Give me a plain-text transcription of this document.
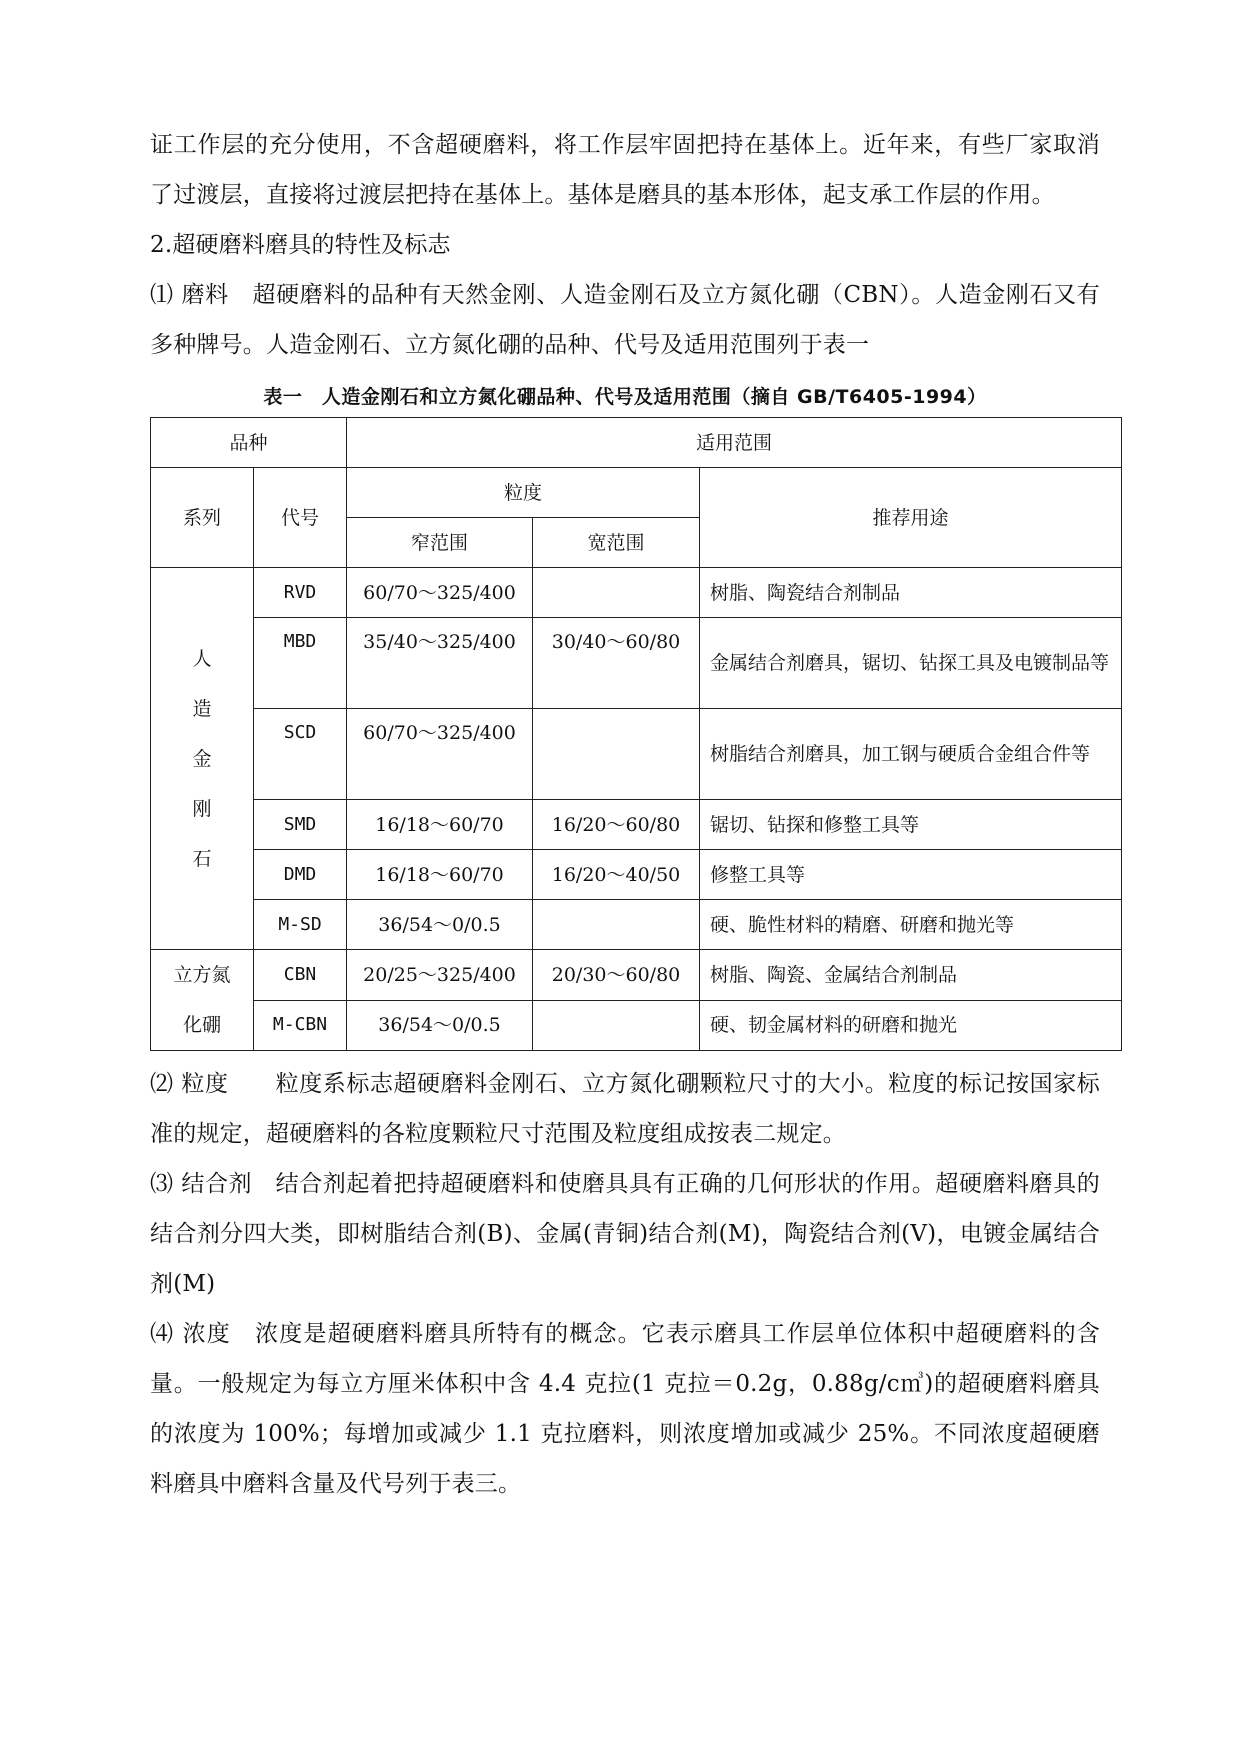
证工作层的充分使用，不含超硬磨料，将工作层牢固把持在基体上。近年来，有些厂家取消了过渡层，直接将过渡层把持在基体上。基体是磨具的基本形体，起支承工作层的作用。

2.超硬磨料磨具的特性及标志

⑴ 磨料　超硬磨料的品种有天然金刚、人造金刚石及立方氮化硼（CBN）。人造金刚石又有多种牌号。人造金刚石、立方氮化硼的品种、代号及适用范围列于表一

表一　人造金刚石和立方氮化硼品种、代号及适用范围（摘自 GB/T6405-1994）
品种		适用范围		
系列	代号	粒度		推荐用途
		窄范围	宽范围	

人
造
金
刚
石	RVD	60/70～325/400		树脂、陶瓷结合剂制品
	MBD	35/40～325/400	30/40～60/80	金属结合剂磨具，锯切、钻探工具及电镀制品等
	SCD	60/70～325/400		树脂结合剂磨具，加工钢与硬质合金组合件等
	SMD	16/18～60/70	16/20～60/80	锯切、钻探和修整工具等
	DMD	16/18～60/70	16/20～40/50	修整工具等
	M-SD	36/54～0/0.5		硬、脆性材料的精磨、研磨和抛光等

立方氮
化硼	CBN	20/25～325/400	20/30～60/80	树脂、陶瓷、金属结合剂制品
	M-CBN	36/54～0/0.5		硬、韧金属材料的研磨和抛光

⑵ 粒度　　粒度系标志超硬磨料金刚石、立方氮化硼颗粒尺寸的大小。粒度的标记按国家标准的规定，超硬磨料的各粒度颗粒尺寸范围及粒度组成按表二规定。

⑶ 结合剂　结合剂起着把持超硬磨料和使磨具具有正确的几何形状的作用。超硬磨料磨具的结合剂分四大类，即树脂结合剂(B)、金属(青铜)结合剂(M)，陶瓷结合剂(V)，电镀金属结合剂(M)

⑷ 浓度　浓度是超硬磨料磨具所特有的概念。它表示磨具工作层单位体积中超硬磨料的含量。一般规定为每立方厘米体积中含 4.4 克拉(1 克拉＝0.2g，0.88g/c㎥)的超硬磨料磨具的浓度为 100%；每增加或减少 1.1 克拉磨料，则浓度增加或减少 25%。不同浓度超硬磨料磨具中磨料含量及代号列于表三。
